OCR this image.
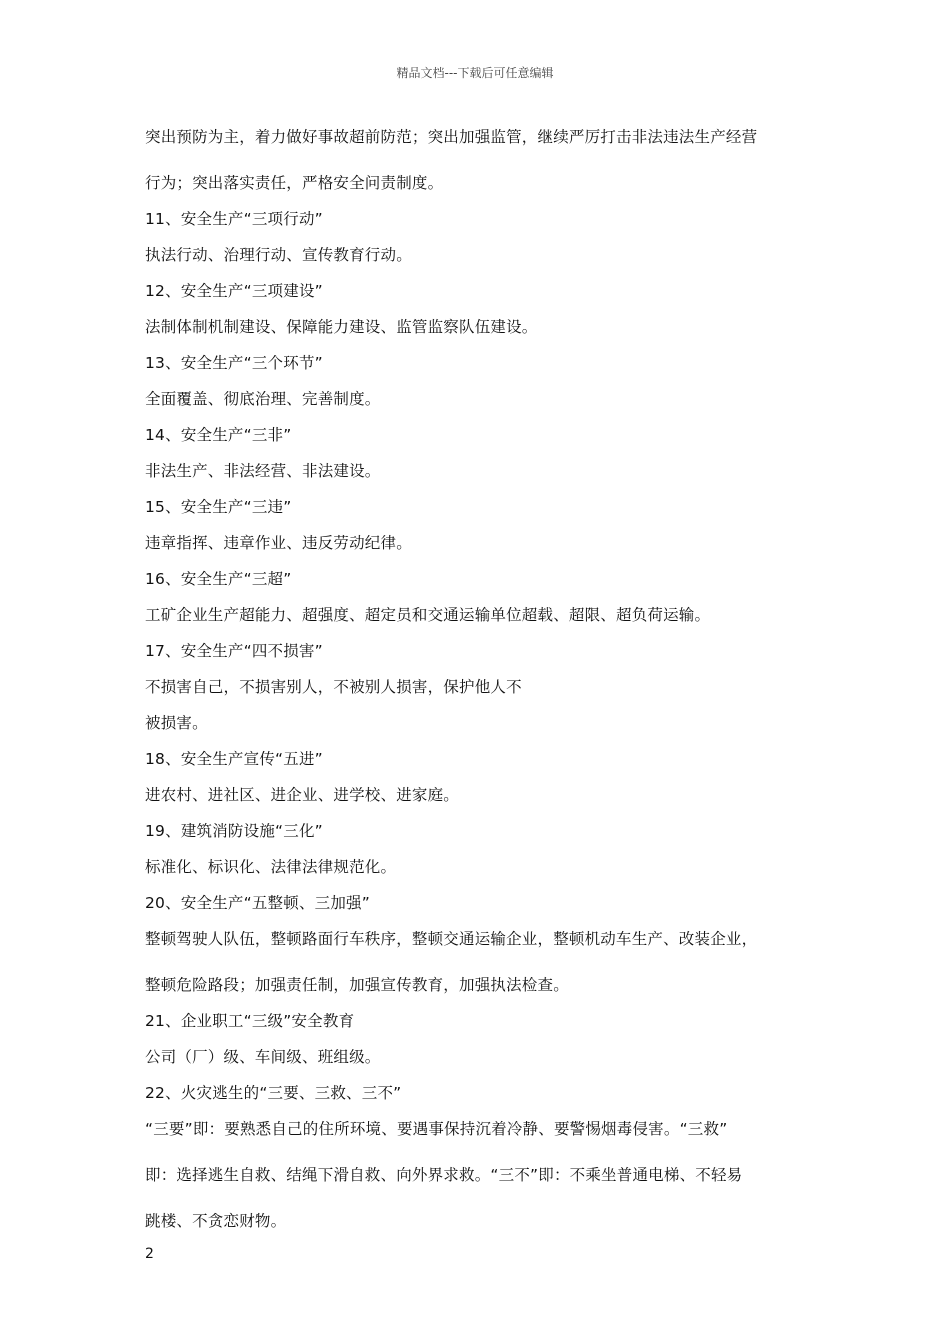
精品文档---下载后可任意编辑
突出预防为主，着力做好事故超前防范；突出加强监管，继续严厉打击非法违法生产经营
行为；突出落实责任，严格安全问责制度。
11、安全生产“三项行动”
执法行动、治理行动、宣传教育行动。
12、安全生产“三项建设”
法制体制机制建设、保障能力建设、监管监察队伍建设。
13、安全生产“三个环节”
全面覆盖、彻底治理、完善制度。
14、安全生产“三非”
非法生产、非法经营、非法建设。
15、安全生产“三违”
违章指挥、违章作业、违反劳动纪律。
16、安全生产“三超”
工矿企业生产超能力、超强度、超定员和交通运输单位超载、超限、超负荷运输。
17、安全生产“四不损害”
不损害自己，不损害别人，不被别人损害，保护他人不
被损害。
18、安全生产宣传“五进”
进农村、进社区、进企业、进学校、进家庭。
19、建筑消防设施“三化”
标准化、标识化、法律法律规范化。
20、安全生产“五整顿、三加强”
整顿驾驶人队伍，整顿路面行车秩序，整顿交通运输企业，整顿机动车生产、改装企业，
整顿危险路段；加强责任制，加强宣传教育，加强执法检查。
21、企业职工“三级”安全教育
公司（厂）级、车间级、班组级。
22、火灾逃生的“三要、三救、三不”
“三要”即：要熟悉自己的住所环境、要遇事保持沉着冷静、要警惕烟毒侵害。“三救”
即：选择逃生自救、结绳下滑自救、向外界求救。“三不”即：不乘坐普通电梯、不轻易
跳楼、不贪恋财物。
2
